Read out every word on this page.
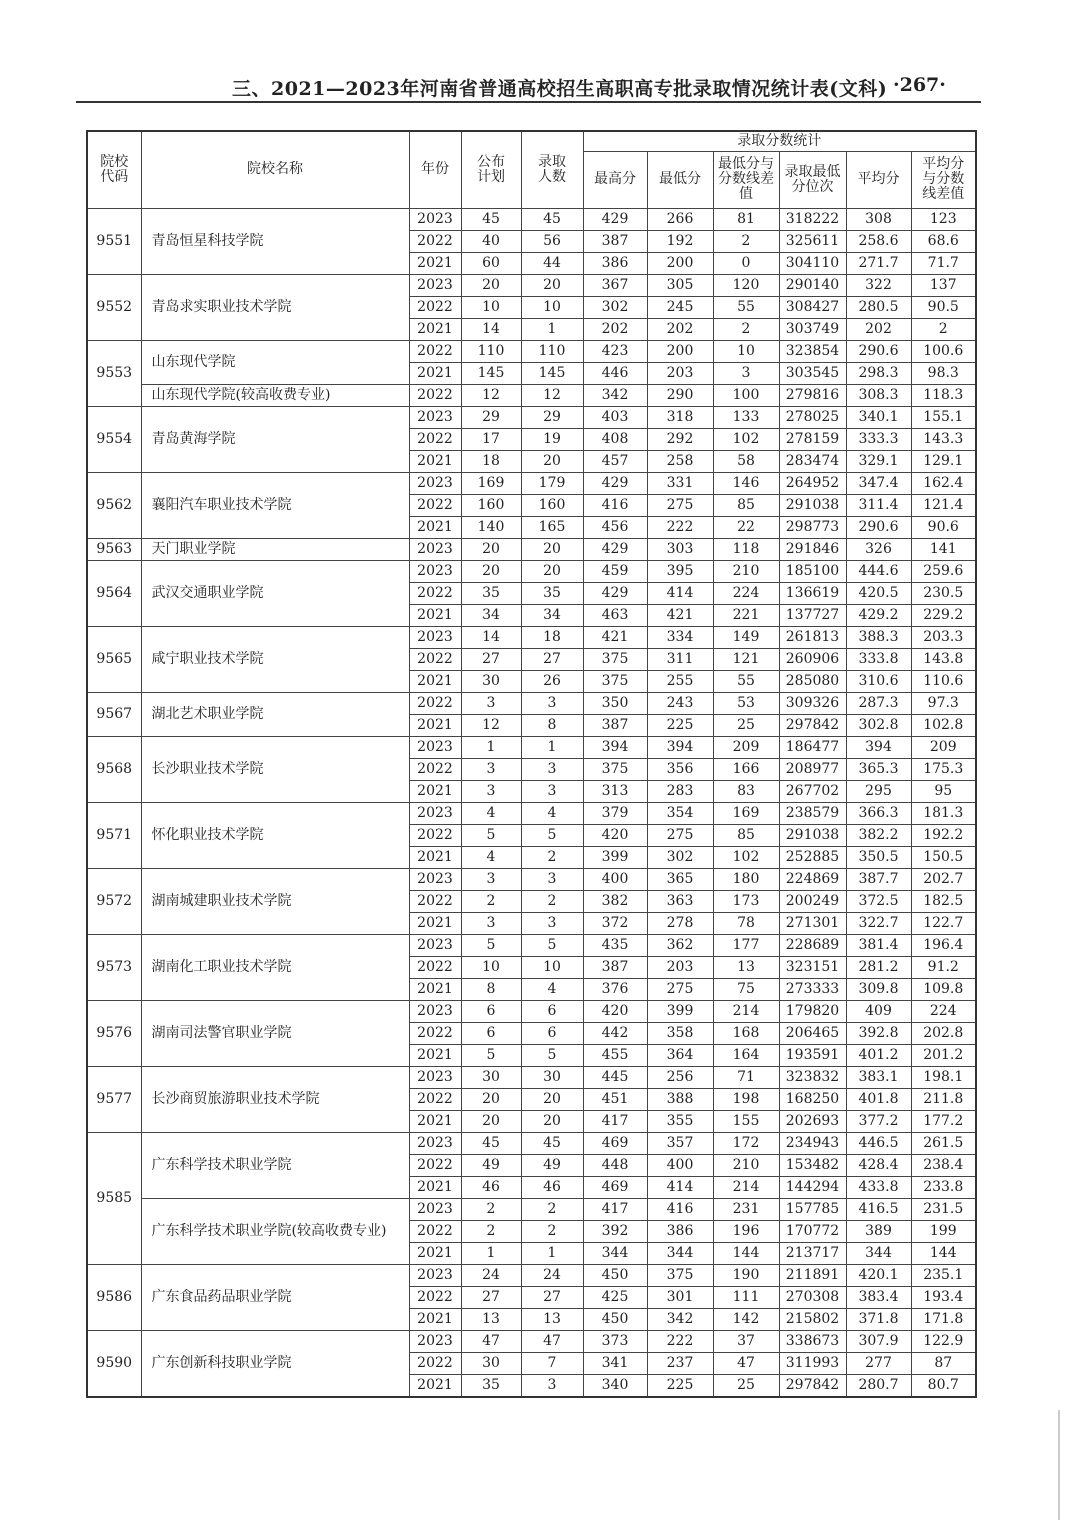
三、2021—2023年河南省普通高校招生高职高专批录取情况统计表(文科) ·267·
院校代码	院校名称	年份	公布计划	录取人数	录取分数统计					
					最高分	最低分	最低分与分数线差值	录取最低分位次	平均分	平均分与分数线差值
9551	青岛恒星科技学院	2023	45	45	429	266	81	318222	308	123
		2022	40	56	387	192	2	325611	258.6	68.6
		2021	60	44	386	200	0	304110	271.7	71.7
9552	青岛求实职业技术学院	2023	20	20	367	305	120	290140	322	137
		2022	10	10	302	245	55	308427	280.5	90.5
		2021	14	1	202	202	2	303749	202	2
9553	山东现代学院	2022	110	110	423	200	10	323854	290.6	100.6
		2021	145	145	446	203	3	303545	298.3	98.3
	山东现代学院(较高收费专业)	2022	12	12	342	290	100	279816	308.3	118.3
9554	青岛黄海学院	2023	29	29	403	318	133	278025	340.1	155.1
		2022	17	19	408	292	102	278159	333.3	143.3
		2021	18	20	457	258	58	283474	329.1	129.1
9562	襄阳汽车职业技术学院	2023	169	179	429	331	146	264952	347.4	162.4
		2022	160	160	416	275	85	291038	311.4	121.4
		2021	140	165	456	222	22	298773	290.6	90.6
9563	天门职业学院	2023	20	20	429	303	118	291846	326	141
9564	武汉交通职业学院	2023	20	20	459	395	210	185100	444.6	259.6
		2022	35	35	429	414	224	136619	420.5	230.5
		2021	34	34	463	421	221	137727	429.2	229.2
9565	咸宁职业技术学院	2023	14	18	421	334	149	261813	388.3	203.3
		2022	27	27	375	311	121	260906	333.8	143.8
		2021	30	26	375	255	55	285080	310.6	110.6
9567	湖北艺术职业学院	2022	3	3	350	243	53	309326	287.3	97.3
		2021	12	8	387	225	25	297842	302.8	102.8
9568	长沙职业技术学院	2023	1	1	394	394	209	186477	394	209
		2022	3	3	375	356	166	208977	365.3	175.3
		2021	3	3	313	283	83	267702	295	95
9571	怀化职业技术学院	2023	4	4	379	354	169	238579	366.3	181.3
		2022	5	5	420	275	85	291038	382.2	192.2
		2021	4	2	399	302	102	252885	350.5	150.5
9572	湖南城建职业技术学院	2023	3	3	400	365	180	224869	387.7	202.7
		2022	2	2	382	363	173	200249	372.5	182.5
		2021	3	3	372	278	78	271301	322.7	122.7
9573	湖南化工职业技术学院	2023	5	5	435	362	177	228689	381.4	196.4
		2022	10	10	387	203	13	323151	281.2	91.2
		2021	8	4	376	275	75	273333	309.8	109.8
9576	湖南司法警官职业学院	2023	6	6	420	399	214	179820	409	224
		2022	6	6	442	358	168	206465	392.8	202.8
		2021	5	5	455	364	164	193591	401.2	201.2
9577	长沙商贸旅游职业技术学院	2023	30	30	445	256	71	323832	383.1	198.1
		2022	20	20	451	388	198	168250	401.8	211.8
		2021	20	20	417	355	155	202693	377.2	177.2
9585	广东科学技术职业学院	2023	45	45	469	357	172	234943	446.5	261.5
		2022	49	49	448	400	210	153482	428.4	238.4
		2021	46	46	469	414	214	144294	433.8	233.8
	广东科学技术职业学院(较高收费专业)	2023	2	2	417	416	231	157785	416.5	231.5
		2022	2	2	392	386	196	170772	389	199
		2021	1	1	344	344	144	213717	344	144
9586	广东食品药品职业学院	2023	24	24	450	375	190	211891	420.1	235.1
		2022	27	27	425	301	111	270308	383.4	193.4
		2021	13	13	450	342	142	215802	371.8	171.8
9590	广东创新科技职业学院	2023	47	47	373	222	37	338673	307.9	122.9
		2022	30	7	341	237	47	311993	277	87
		2021	35	3	340	225	25	297842	280.7	80.7
